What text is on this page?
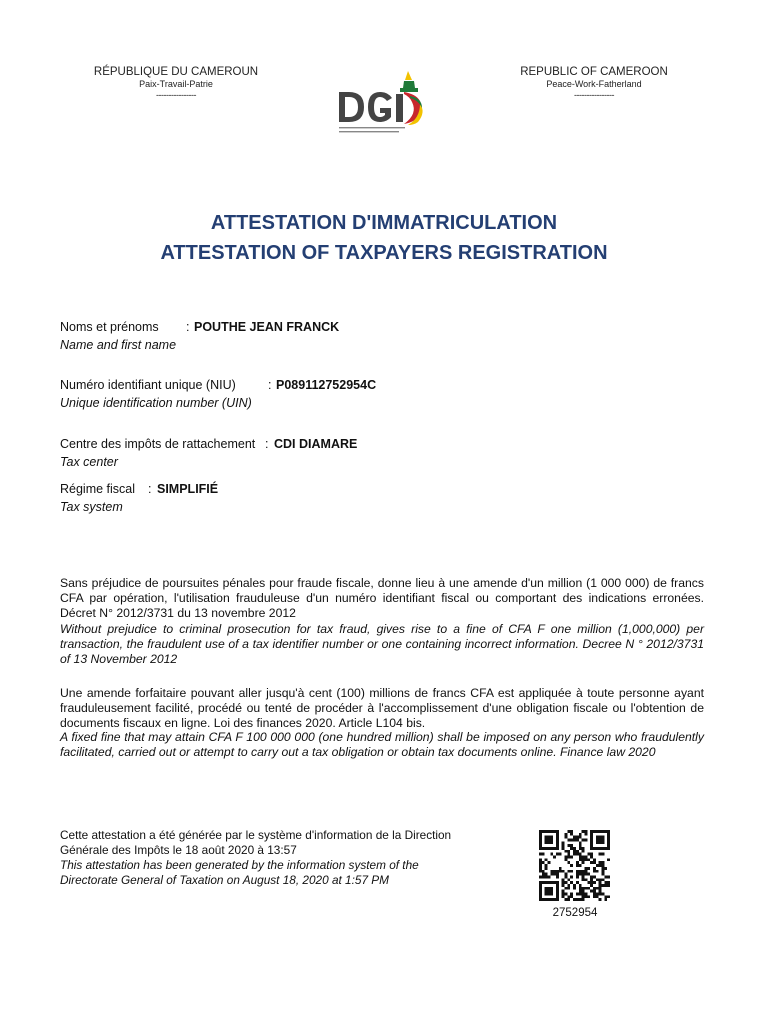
RÉPUBLIQUE DU CAMEROUN
Paix-Travail-Patrie
----------------
REPUBLIC OF CAMEROON
Peace-Work-Fatherland
----------------
ATTESTATION D'IMMATRICULATION
ATTESTATION OF TAXPAYERS REGISTRATION
Noms et prénoms : POUTHE JEAN FRANCK
Name and first name
Numéro identifiant unique (NIU)	: P089112752954C
Unique identification number (UIN)
Centre des impôts de rattachement : CDI DIAMARE
Tax center
Régime fiscal : SIMPLIFIÉ
Tax system
Sans préjudice de poursuites pénales pour fraude fiscale, donne lieu à une amende d'un million (1 000 000) de francs CFA par opération, l'utilisation frauduleuse d'un numéro identifiant fiscal ou comportant des indications erronées. Décret N° 2012/3731 du 13 novembre 2012
Without prejudice to criminal prosecution for tax fraud, gives rise to a fine of CFA F one million (1,000,000) per transaction, the fraudulent use of a tax identifier number or one containing incorrect information. Decree N ° 2012/3731 of 13 November 2012
Une amende forfaitaire pouvant aller jusqu'à cent (100) millions de francs CFA est appliquée à toute personne ayant frauduleusement facilité, procédé ou tenté de procéder à l'accomplissement d'une obligation fiscale ou l'obtention de documents fiscaux en ligne. Loi des finances 2020. Article L104 bis.
A fixed fine that may attain CFA F 100 000 000 (one hundred million) shall be imposed on any person who fraudulently facilitated, carried out or attempt to carry out a tax obligation or obtain tax documents online. Finance law 2020
Cette attestation a été générée par le système d'information de la Direction
Générale des Impôts le 18 août 2020 à 13:57
This attestation has been generated by the information system of the
Directorate General of Taxation on August 18, 2020 at 1:57 PM
2752954
